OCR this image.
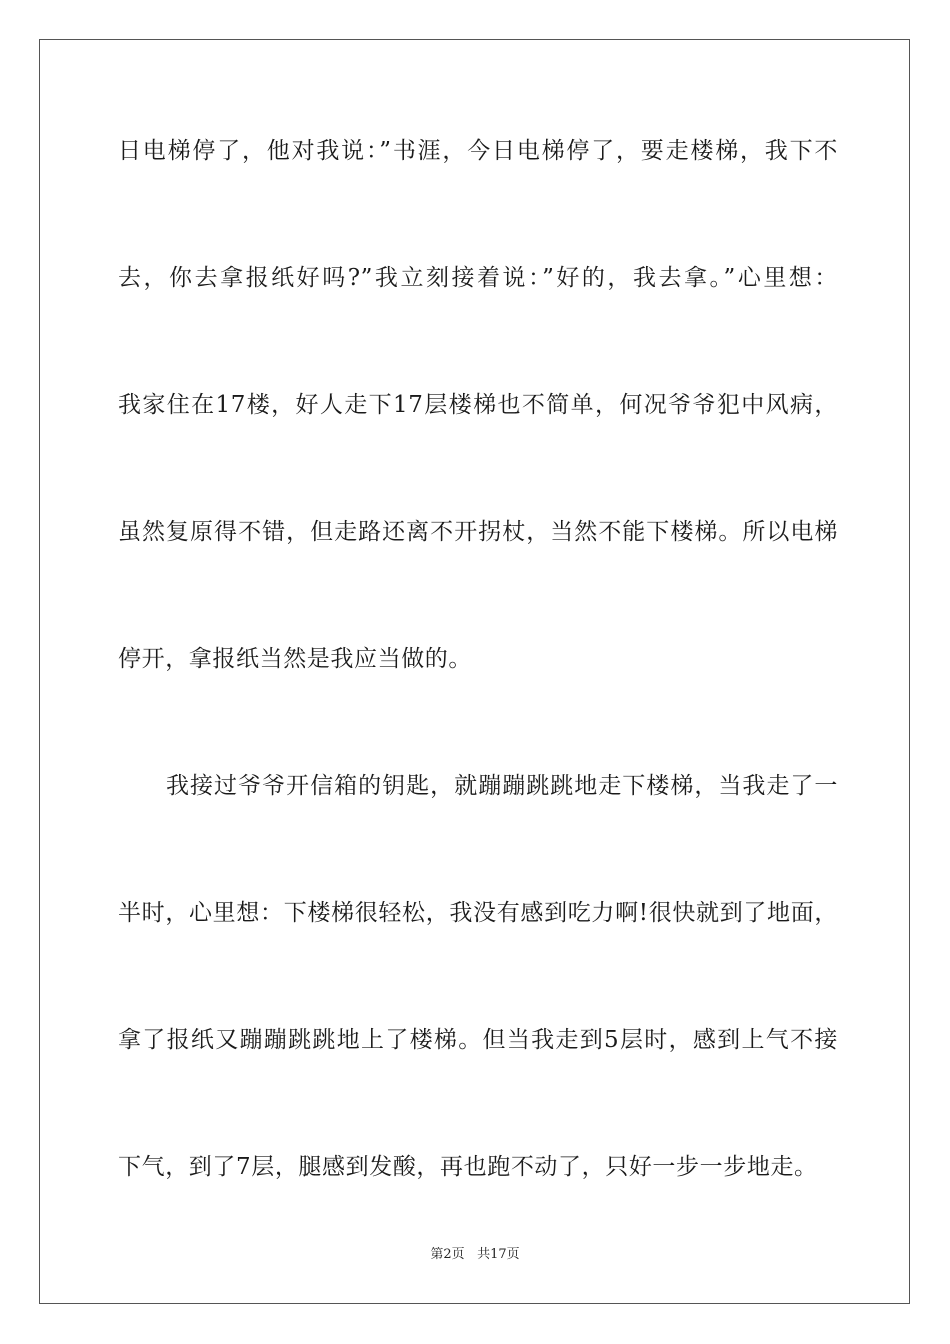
日电梯停了，他对我说：”书涯，今日电梯停了，要走楼梯，我下不
去，你去拿报纸好吗?”我立刻接着说：”好的，我去拿。”心里想：
我家住在17楼，好人走下17层楼梯也不简单，何况爷爷犯中风病，
虽然复原得不错，但走路还离不开拐杖，当然不能下楼梯。所以电梯
停开，拿报纸当然是我应当做的。
　　我接过爷爷开信箱的钥匙，就蹦蹦跳跳地走下楼梯，当我走了一
半时，心里想：下楼梯很轻松，我没有感到吃力啊!很快就到了地面，
拿了报纸又蹦蹦跳跳地上了楼梯。但当我走到5层时，感到上气不接
下气，到了7层，腿感到发酸，再也跑不动了，只好一步一步地走。
第2页 共17页
